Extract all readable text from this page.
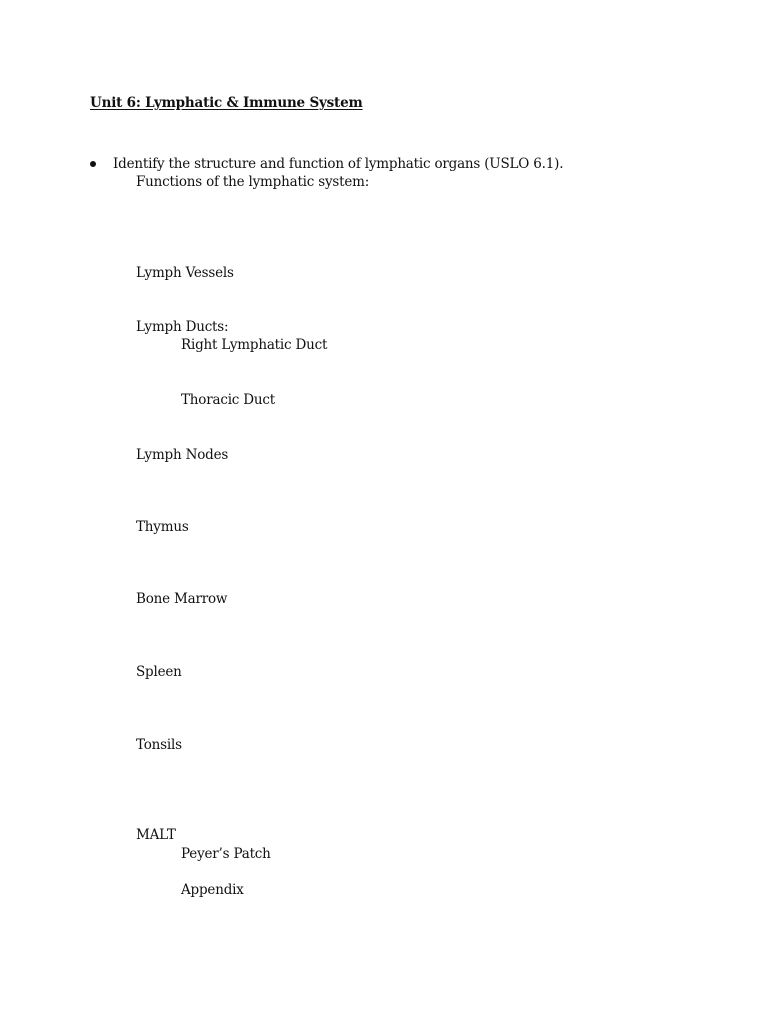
Unit 6: Lymphatic & Immune System
Identify the structure and function of lymphatic organs (USLO 6.1).
Functions of the lymphatic system:
Lymph Vessels
Lymph Ducts:
Right Lymphatic Duct
Thoracic Duct
Lymph Nodes
Thymus
Bone Marrow
Spleen
Tonsils
MALT
Peyer’s Patch
Appendix
